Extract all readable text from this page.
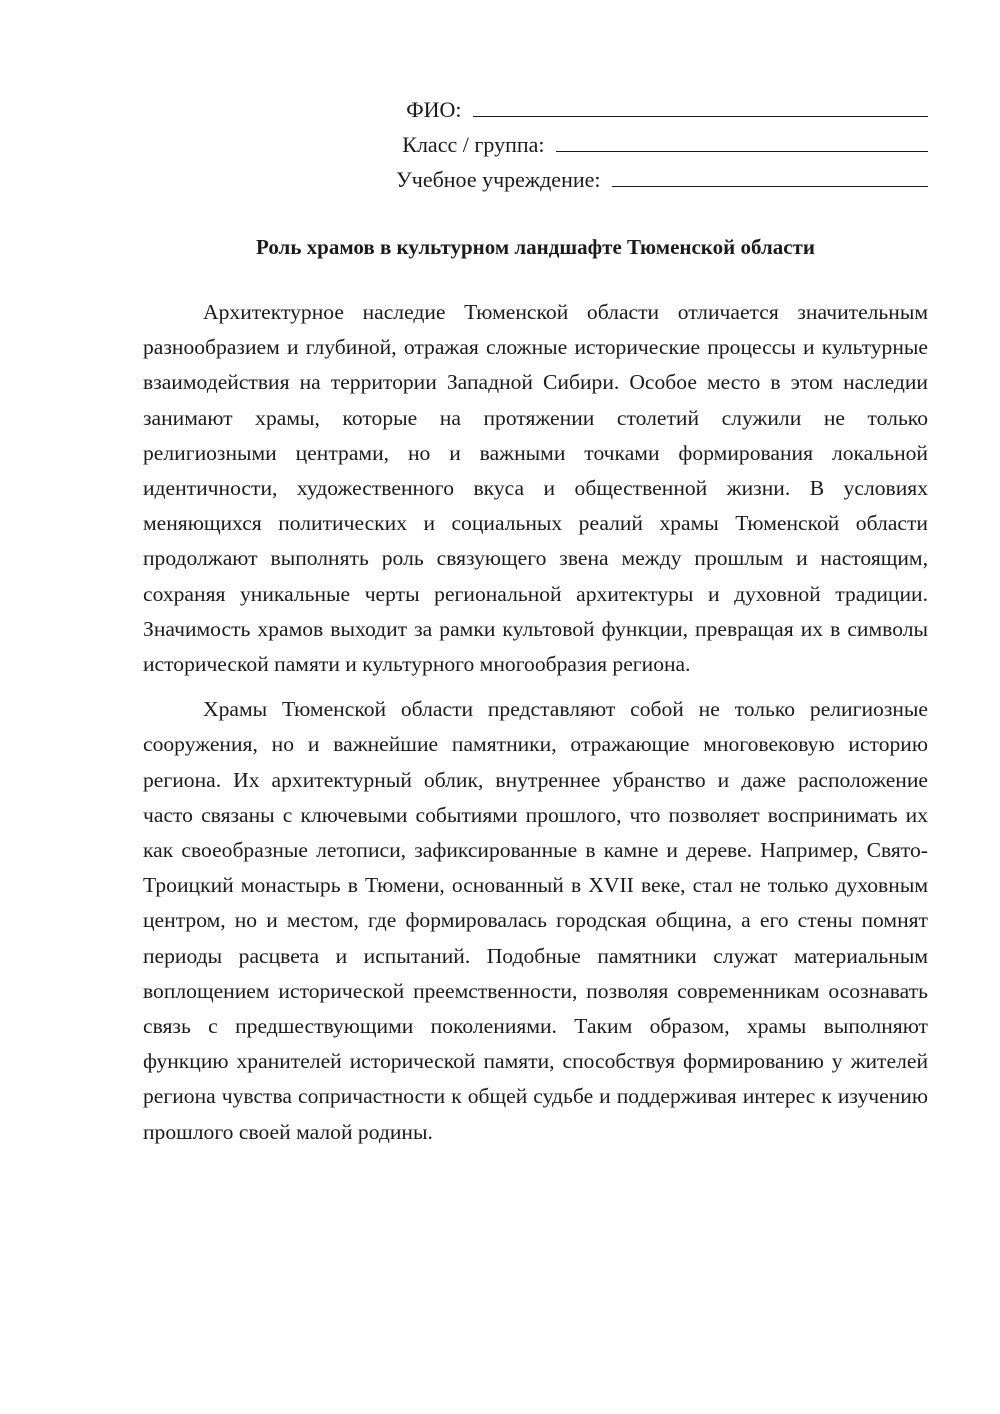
ФИО:
Класс / группа:
Учебное учреждение:
Роль храмов в культурном ландшафте Тюменской области

Архитектурное наследие Тюменской области отличается значительным разнообразием и глубиной, отражая сложные исторические процессы и культурные взаимодействия на территории Западной Сибири. Особое место в этом наследии занимают храмы, которые на протяжении столетий служили не только религиозными центрами, но и важными точками формирования локальной идентичности, художественного вкуса и общественной жизни. В условиях меняющихся политических и социальных реалий храмы Тюменской области продолжают выполнять роль связующего звена между прошлым и настоящим, сохраняя уникальные черты региональной архитектуры и духовной традиции. Значимость храмов выходит за рамки культовой функции, превращая их в символы исторической памяти и культурного многообразия региона.

Храмы Тюменской области представляют собой не только религиозные сооружения, но и важнейшие памятники, отражающие многовековую историю региона. Их архитектурный облик, внутреннее убранство и даже расположение часто связаны с ключевыми событиями прошлого, что позволяет воспринимать их как своеобразные летописи, зафиксированные в камне и дереве. Например, Свято-Троицкий монастырь в Тюмени, основанный в XVII веке, стал не только духовным центром, но и местом, где формировалась городская община, а его стены помнят периоды расцвета и испытаний. Подобные памятники служат материальным воплощением исторической преемственности, позволяя современникам осознавать связь с предшествующими поколениями. Таким образом, храмы выполняют функцию хранителей исторической памяти, способствуя формированию у жителей региона чувства сопричастности к общей судьбе и поддерживая интерес к изучению прошлого своей малой родины.
